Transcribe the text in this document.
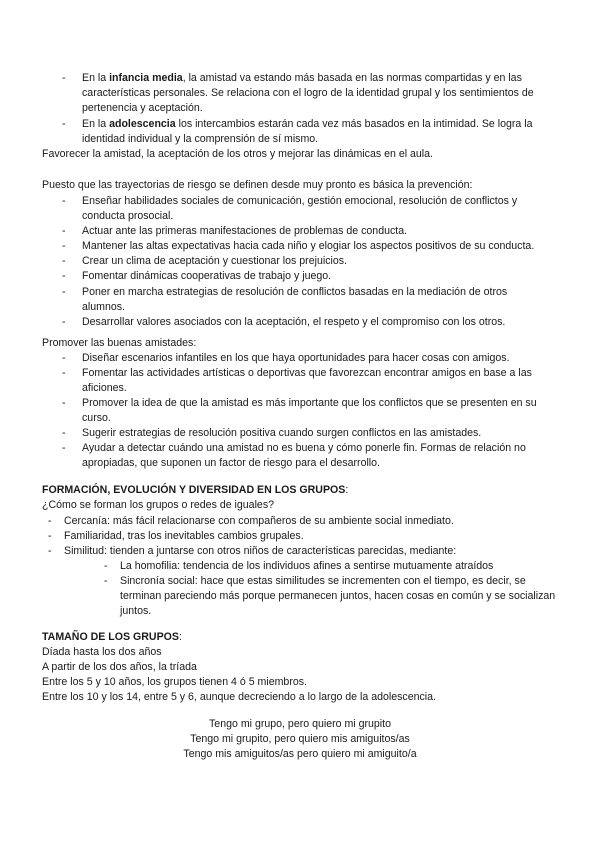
- En la infancia media, la amistad va estando más basada en las normas compartidas y en las
características personales. Se relaciona con el logro de la identidad grupal y los sentimientos de
pertenencia y aceptación.
- En la adolescencia los intercambios estarán cada vez más basados en la intimidad. Se logra la
identidad individual y la comprensión de sí mismo.
Favorecer la amistad, la aceptación de los otros y mejorar las dinámicas en el aula.
Puesto que las trayectorias de riesgo se definen desde muy pronto es básica la prevención:
- Enseñar habilidades sociales de comunicación, gestión emocional, resolución de conflictos y
conducta prosocial.
- Actuar ante las primeras manifestaciones de problemas de conducta.
- Mantener las altas expectativas hacia cada niño y elogiar los aspectos positivos de su conducta.
- Crear un clima de aceptación y cuestionar los prejuicios.
- Fomentar dinámicas cooperativas de trabajo y juego.
- Poner en marcha estrategias de resolución de conflictos basadas en la mediación de otros
alumnos.
- Desarrollar valores asociados con la aceptación, el respeto y el compromiso con los otros.
Promover las buenas amistades:
- Diseñar escenarios infantiles en los que haya oportunidades para hacer cosas con amigos.
- Fomentar las actividades artísticas o deportivas que favorezcan encontrar amigos en base a las
aficiones.
- Promover la idea de que la amistad es más importante que los conflictos que se presenten en su
curso.
- Sugerir estrategias de resolución positiva cuando surgen conflictos en las amistades.
- Ayudar a detectar cuándo una amistad no es buena y cómo ponerle fin. Formas de relación no
apropiadas, que suponen un factor de riesgo para el desarrollo.
FORMACIÓN, EVOLUCIÓN Y DIVERSIDAD EN LOS GRUPOS:
¿Cómo se forman los grupos o redes de iguales?
- Cercanía: más fácil relacionarse con compañeros de su ambiente social inmediato.
- Familiaridad, tras los inevitables cambios grupales.
- Similitud: tienden a juntarse con otros niños de características parecidas, mediante:
- La homofilia: tendencia de los individuos afines a sentirse mutuamente atraídos
- Sincronía social: hace que estas similitudes se incrementen con el tiempo, es decir, se
terminan pareciendo más porque permanecen juntos, hacen cosas en común y se socializan
juntos.
TAMAÑO DE LOS GRUPOS:
Díada hasta los dos años
A partir de los dos años, la tríada
Entre los 5 y 10 años, los grupos tienen 4 ó 5 miembros.
Entre los 10 y los 14, entre 5 y 6, aunque decreciendo a lo largo de la adolescencia.
Tengo mi grupo, pero quiero mi grupito
Tengo mi grupito, pero quiero mis amiguitos/as
Tengo mis amiguitos/as pero quiero mi amiguito/a
